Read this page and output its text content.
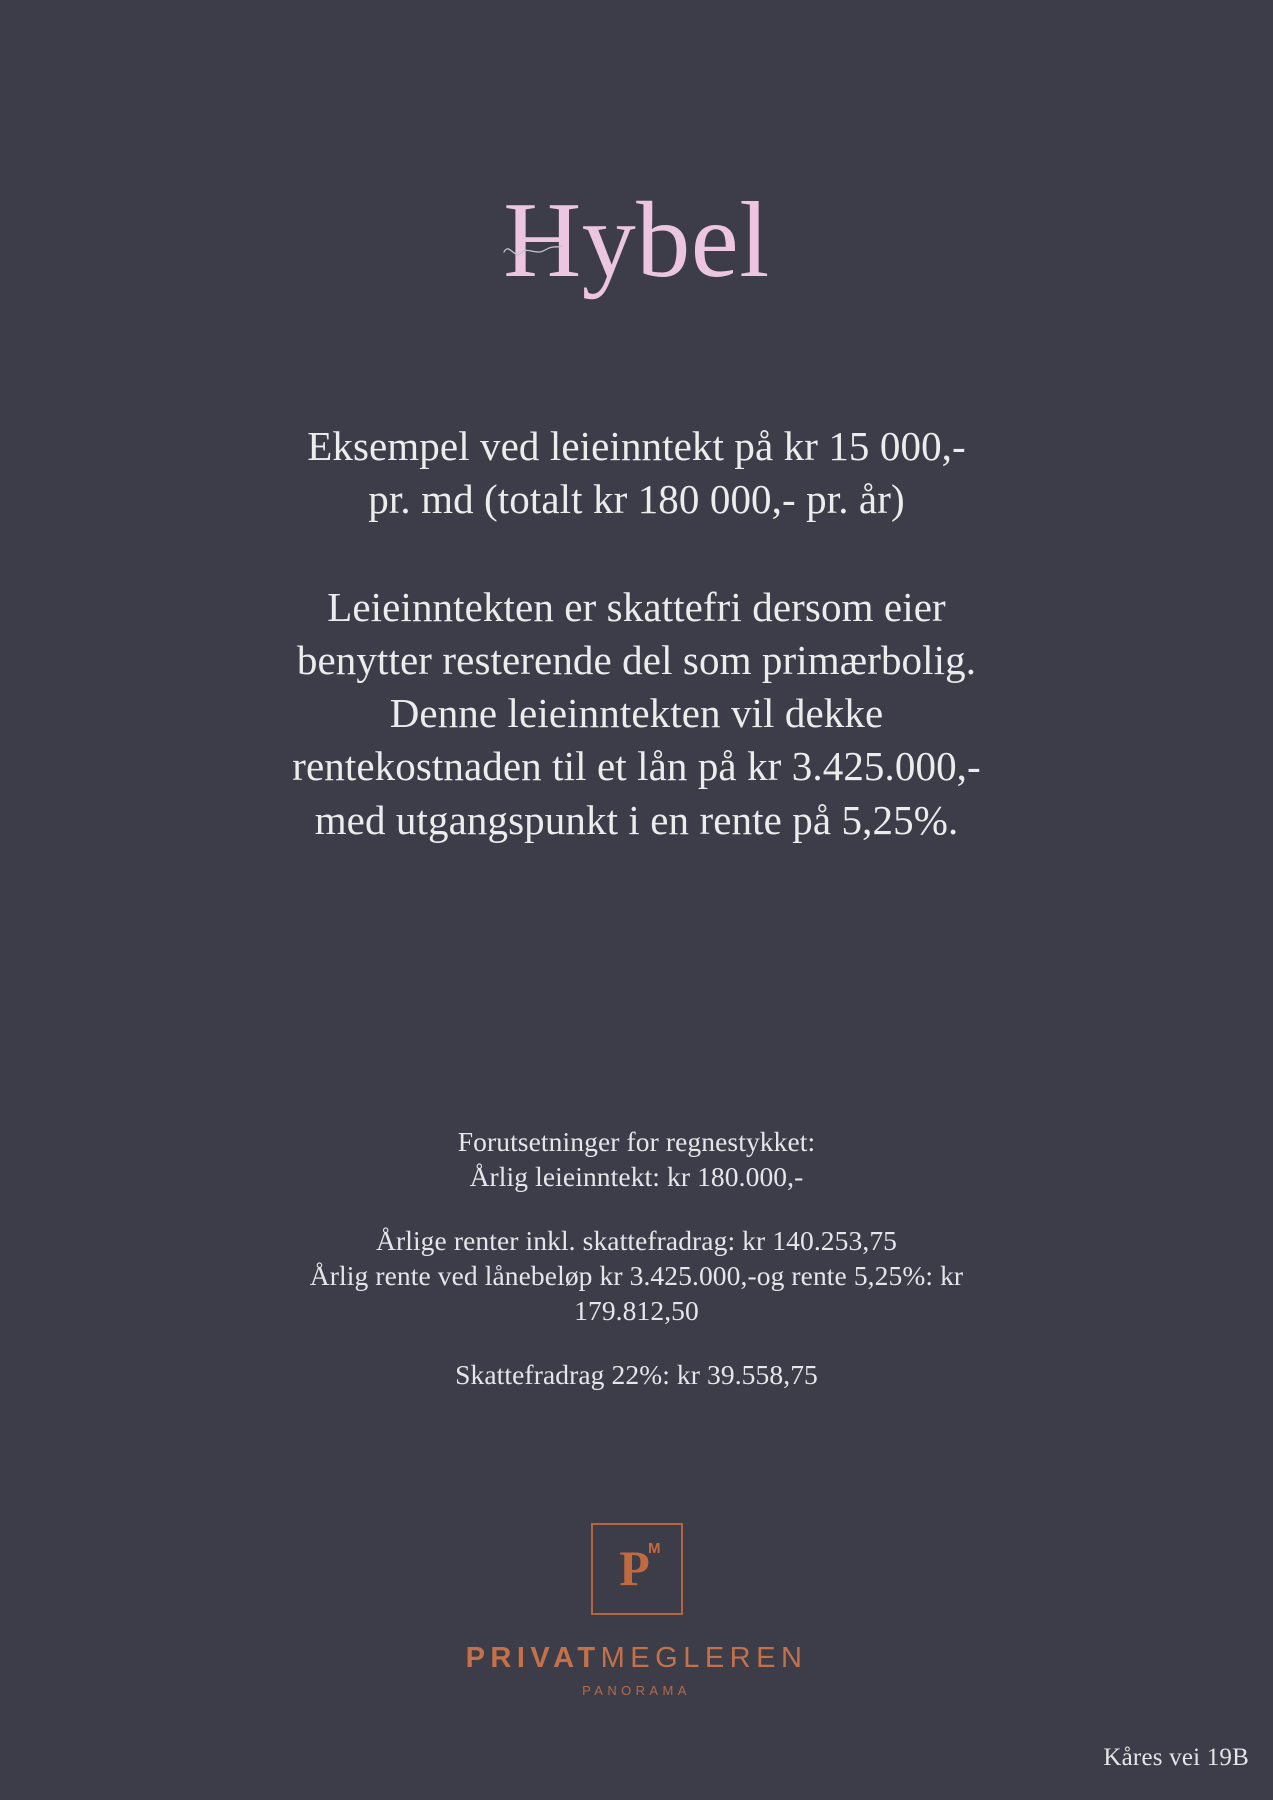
Hybel

Eksempel ved leieinntekt på kr 15 000,-
pr. md (totalt kr 180 000,- pr. år)

Leieinntekten er skattefri dersom eier
benytter resterende del som primærbolig.
Denne leieinntekten vil dekke
rentekostnaden til et lån på kr 3.425.000,-
med utgangspunkt i en rente på 5,25%.

Forutsetninger for regnestykket:
Årlig leieinntekt: kr 180.000,-

Årlige renter inkl. skattefradrag: kr 140.253,75
Årlig rente ved lånebeløp kr 3.425.000,-og rente 5,25%: kr
179.812,50

Skattefradrag 22%: kr 39.558,75

P
M
PRIVATMEGLEREN
PANORAMA
Kåres vei 19B
